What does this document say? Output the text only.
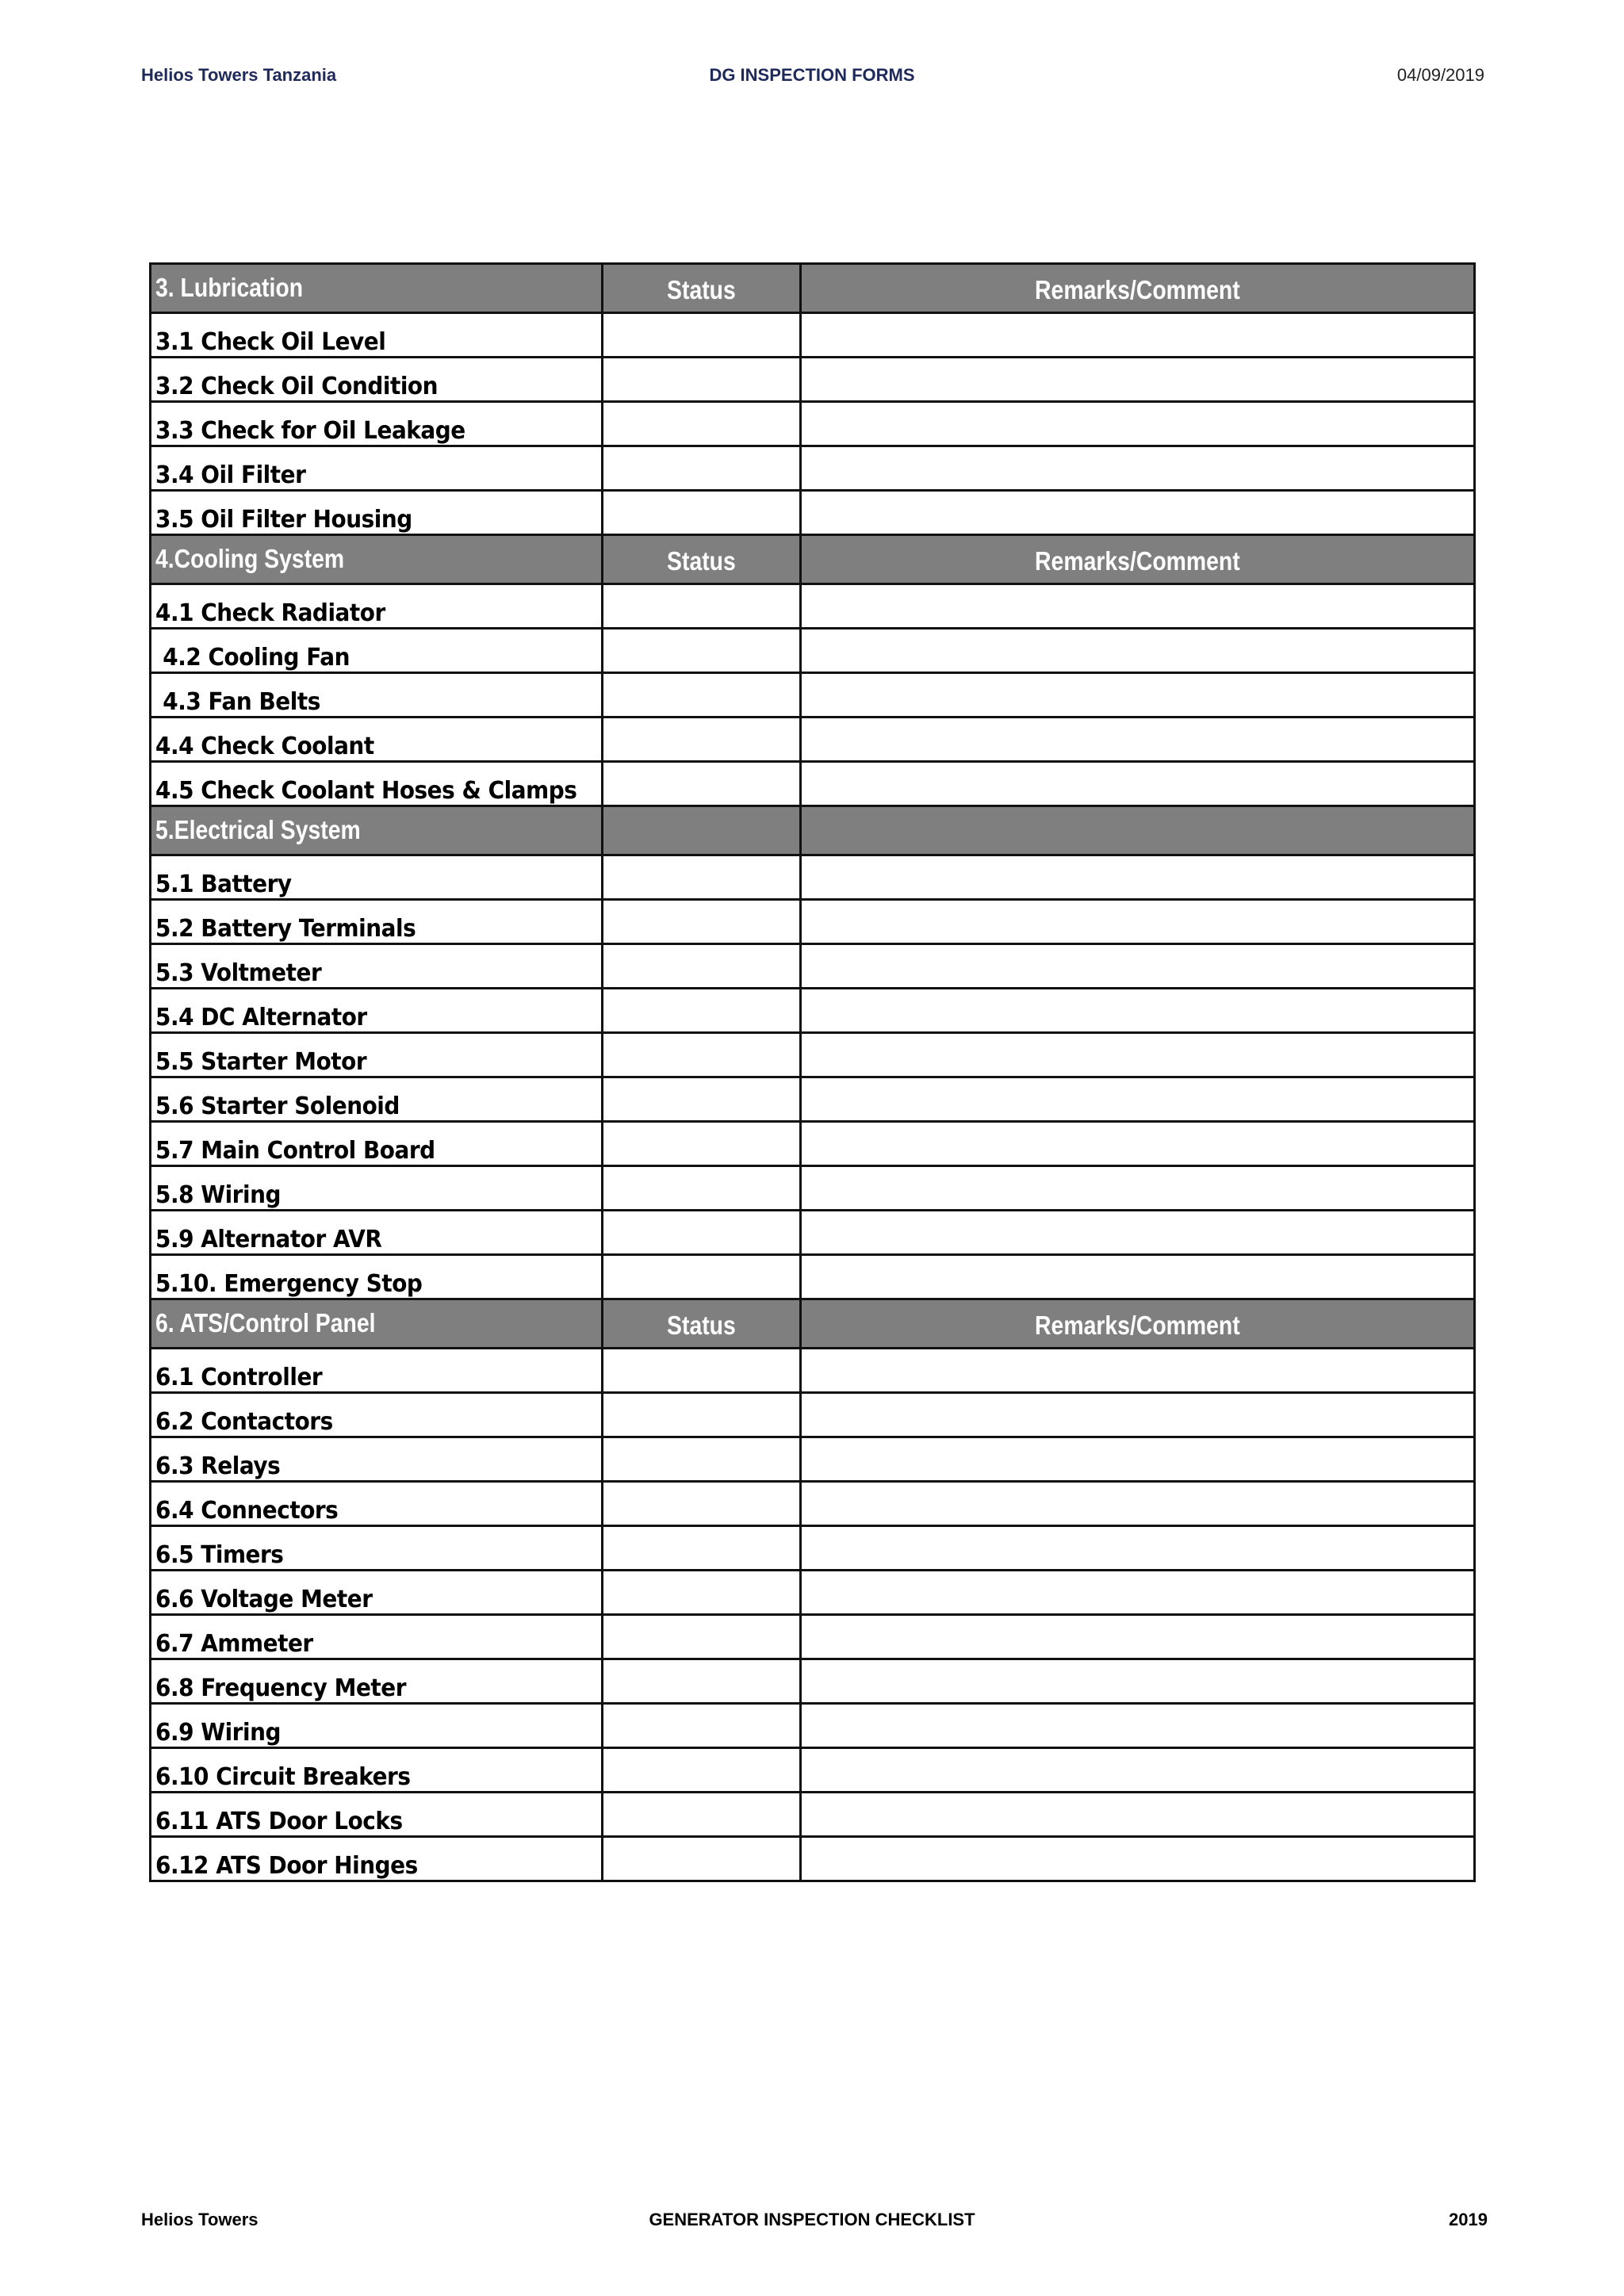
Helios Towers Tanzania	DG INSPECTION FORMS	04/09/2019
3. Lubrication	Status	Remarks/Comment
3.1 Check Oil Level		
3.2 Check Oil Condition		
3.3 Check for Oil Leakage		
3.4 Oil Filter		
3.5 Oil Filter Housing		
4.Cooling System	Status	Remarks/Comment
4.1 Check Radiator		
4.2 Cooling Fan		
4.3 Fan Belts		
4.4 Check Coolant		
4.5 Check Coolant Hoses & Clamps		
5.Electrical System		
5.1 Battery		
5.2 Battery Terminals		
5.3 Voltmeter		
5.4 DC Alternator		
5.5 Starter Motor		
5.6 Starter Solenoid		
5.7 Main Control Board		
5.8 Wiring		
5.9 Alternator AVR		
5.10. Emergency Stop		
6. ATS/Control Panel	Status	Remarks/Comment
6.1 Controller		
6.2 Contactors		
6.3 Relays		
6.4 Connectors		
6.5 Timers		
6.6 Voltage Meter		
6.7 Ammeter		
6.8 Frequency Meter		
6.9 Wiring		
6.10 Circuit Breakers		
6.11 ATS Door Locks		
6.12 ATS Door Hinges		
Helios Towers	GENERATOR INSPECTION CHECKLIST	2019
